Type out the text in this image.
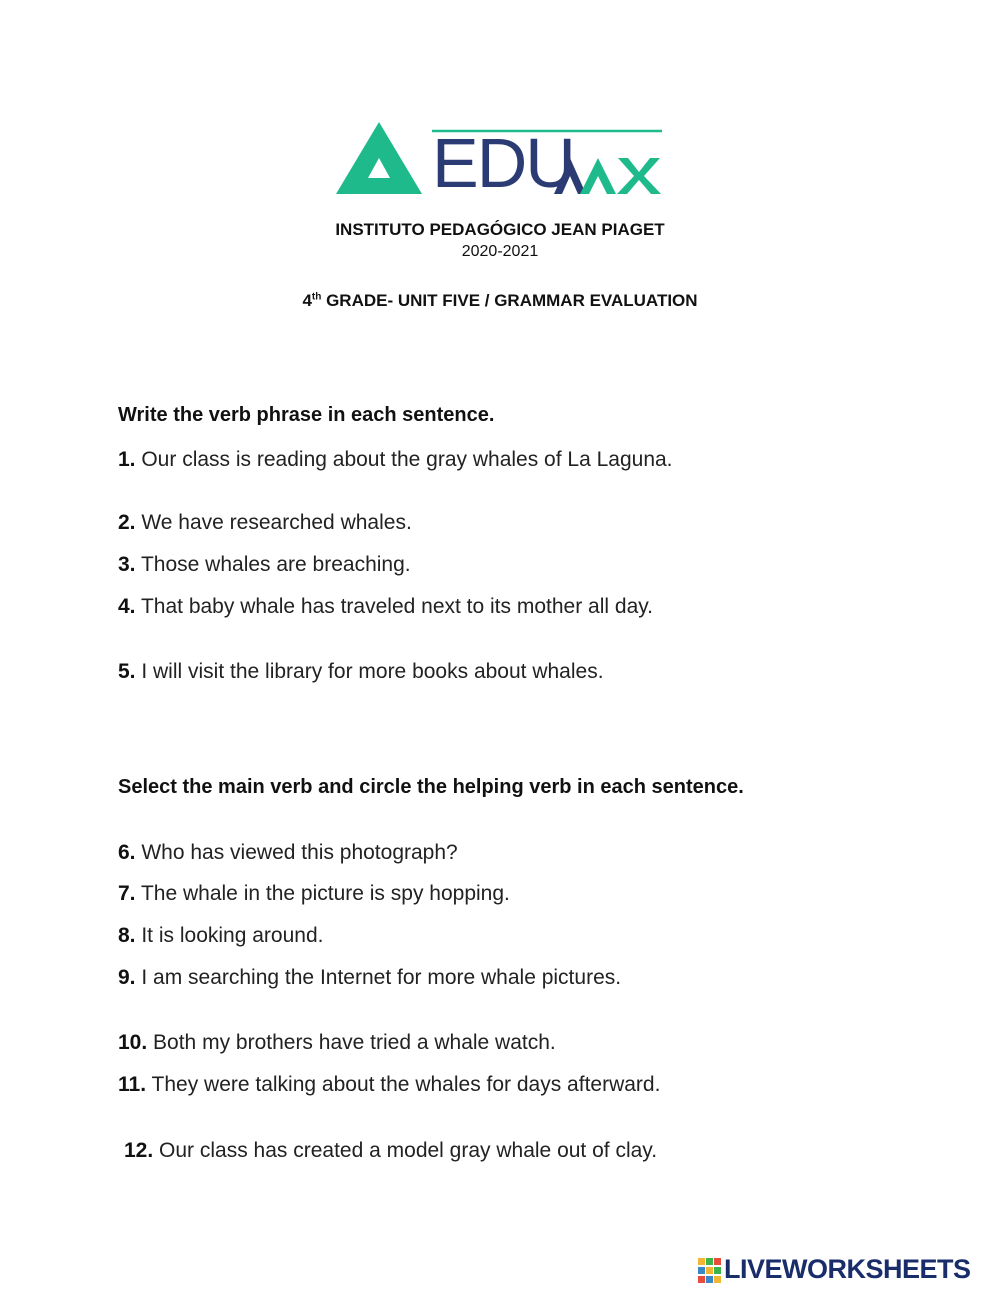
EDU
INSTITUTO PEDAGÓGICO JEAN PIAGET
2020-2021
4th GRADE- UNIT FIVE / GRAMMAR EVALUATION
Write the verb phrase in each sentence.
1. Our class is reading about the gray whales of La Laguna.
2. We have researched whales.
3. Those whales are breaching.
4. That baby whale has traveled next to its mother all day.
5. I will visit the library for more books about whales.
Select the main verb and circle the helping verb in each sentence.
6. Who has viewed this photograph?
7. The whale in the picture is spy hopping.
8. It is looking around.
9. I am searching the Internet for more whale pictures.
10. Both my brothers have tried a whale watch.
11. They were talking about the whales for days afterward.
12. Our class has created a model gray whale out of clay.
LIVEWORKSHEETS
